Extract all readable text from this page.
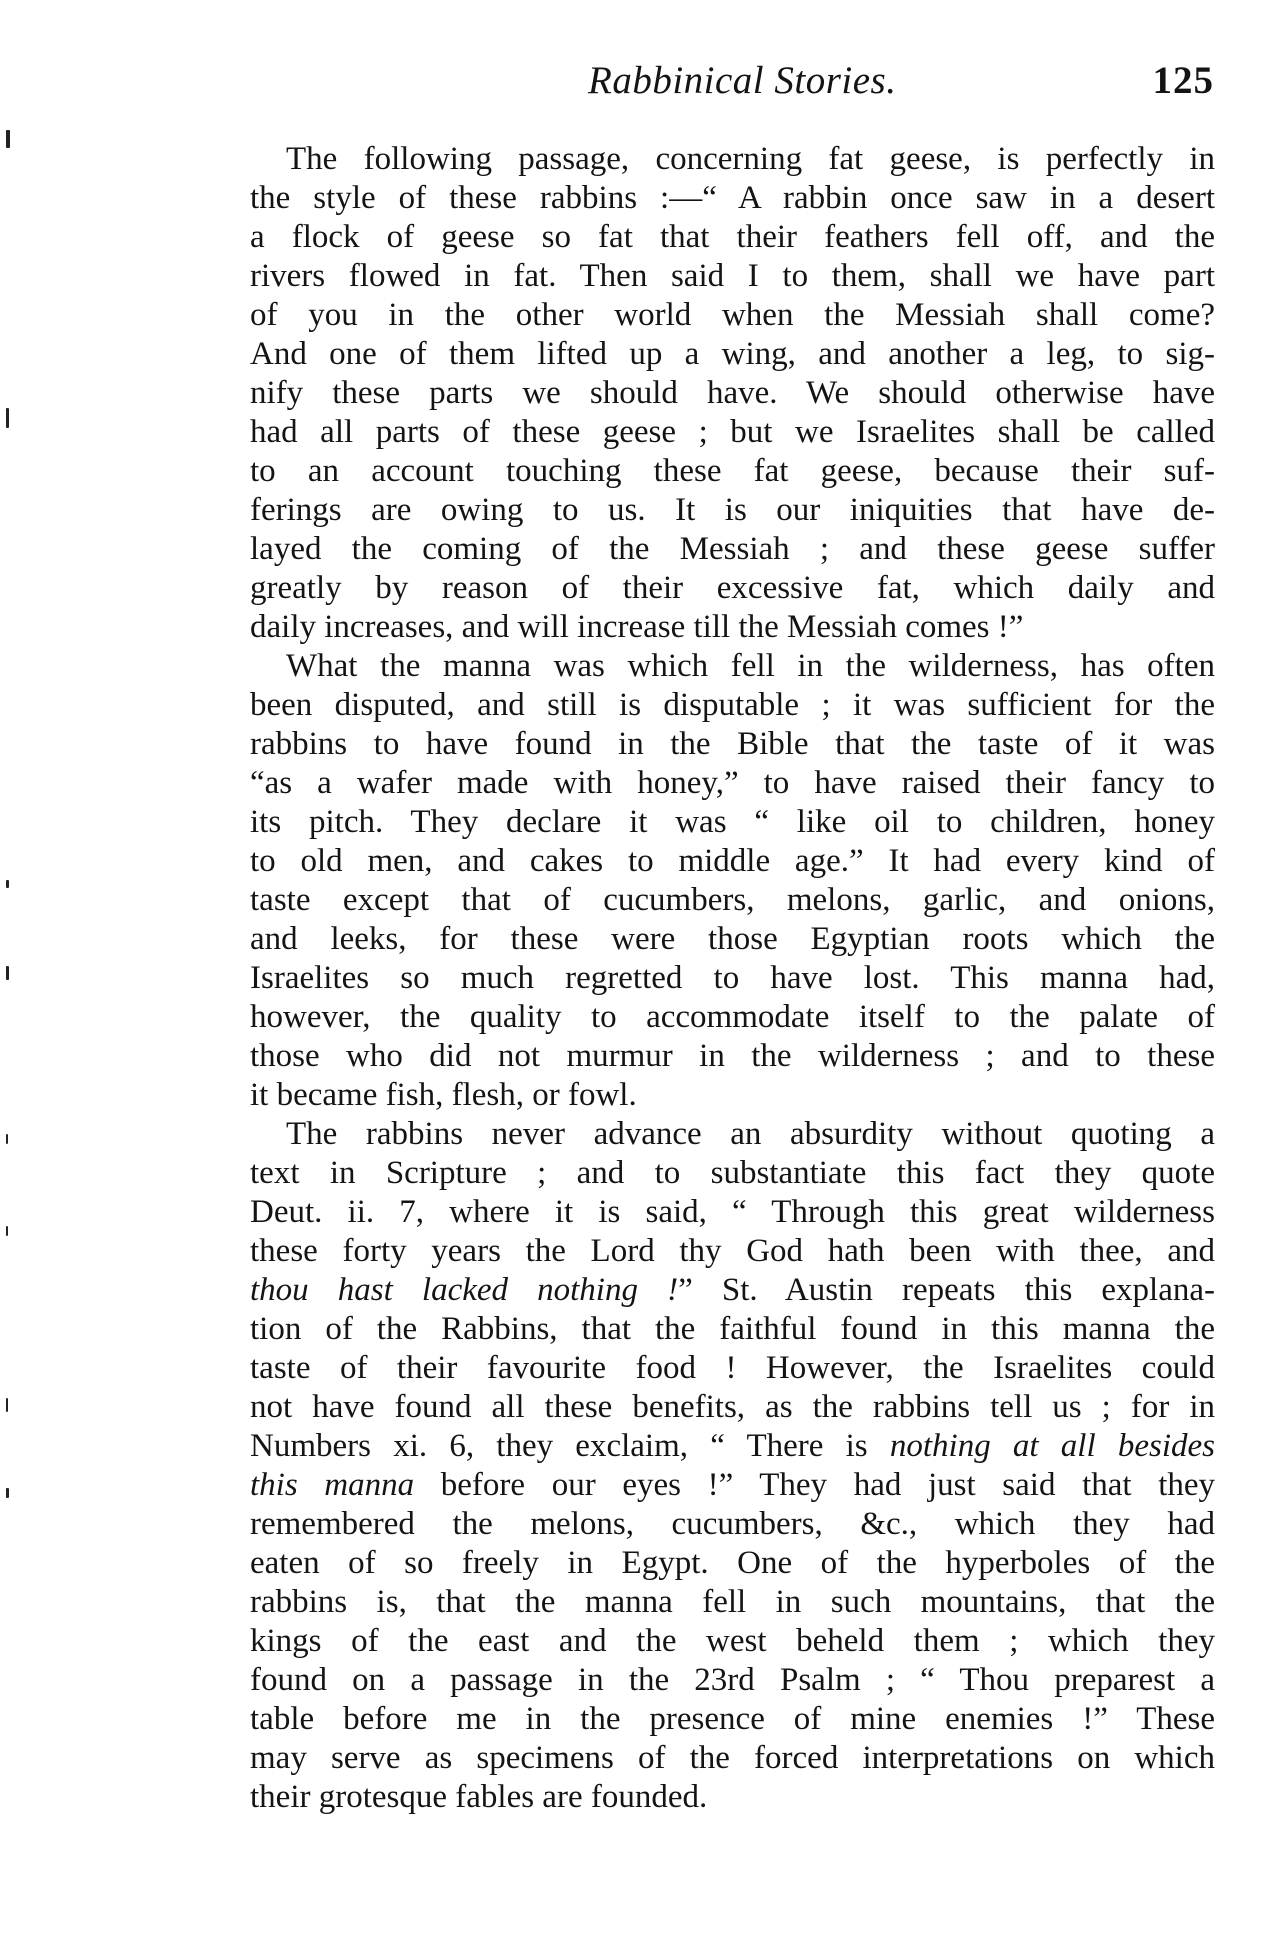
Rabbinical Stories.	125
The following passage, concerning fat geese, is perfectly in
the style of these rabbins :—“ A rabbin once saw in a desert
a flock of geese so fat that their feathers fell off, and the
rivers flowed in fat. Then said I to them, shall we have part
of you in the other world when the Messiah shall come?
And one of them lifted up a wing, and another a leg, to sig-
nify these parts we should have. We should otherwise have
had all parts of these geese ; but we Israelites shall be called
to an account touching these fat geese, because their suf-
ferings are owing to us. It is our iniquities that have de-
layed the coming of the Messiah ; and these geese suffer
greatly by reason of their excessive fat, which daily and
daily increases, and will increase till the Messiah comes !”
What the manna was which fell in the wilderness, has often
been disputed, and still is disputable ; it was sufficient for the
rabbins to have found in the Bible that the taste of it was
“as a wafer made with honey,” to have raised their fancy to
its pitch. They declare it was “ like oil to children, honey
to old men, and cakes to middle age.” It had every kind of
taste except that of cucumbers, melons, garlic, and onions,
and leeks, for these were those Egyptian roots which the
Israelites so much regretted to have lost. This manna had,
however, the quality to accommodate itself to the palate of
those who did not murmur in the wilderness ; and to these
it became fish, flesh, or fowl.
The rabbins never advance an absurdity without quoting a
text in Scripture ; and to substantiate this fact they quote
Deut. ii. 7, where it is said, “ Through this great wilderness
these forty years the Lord thy God hath been with thee, and
thou hast lacked nothing !” St. Austin repeats this explana-
tion of the Rabbins, that the faithful found in this manna the
taste of their favourite food ! However, the Israelites could
not have found all these benefits, as the rabbins tell us ; for in
Numbers xi. 6, they exclaim, “ There is nothing at all besides
this manna before our eyes !” They had just said that they
remembered the melons, cucumbers, &c., which they had
eaten of so freely in Egypt. One of the hyperboles of the
rabbins is, that the manna fell in such mountains, that the
kings of the east and the west beheld them ; which they
found on a passage in the 23rd Psalm ; “ Thou preparest a
table before me in the presence of mine enemies !” These
may serve as specimens of the forced interpretations on which
their grotesque fables are founded.
